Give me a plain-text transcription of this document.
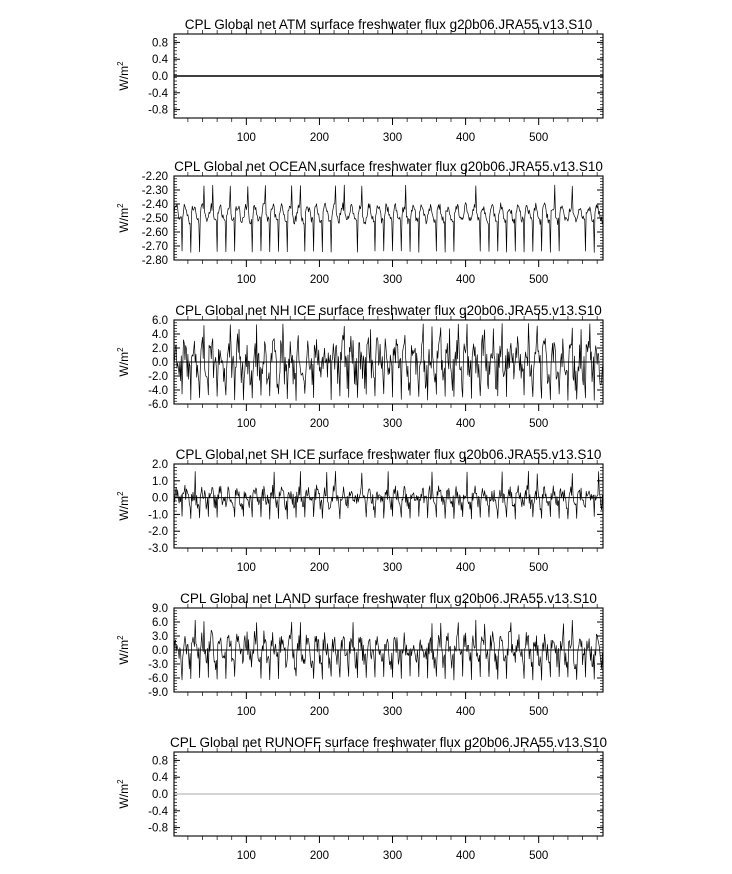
CPL Global net ATM surface freshwater flux g20b06.JRA55.v13.S10
$W/m^2$
0.8
0.4
0.0
-0.4
-0.8
100	200	300	400	500
CPL Global net OCEAN surface freshwater flux g20b06.JRA55.v13.S10
$W/m^2$
-2.20
-2.30
-2.40
-2.50
-2.60
-2.70
-2.80
100	200	300	400	500
CPL Global net NH ICE surface freshwater flux g20b06.JRA55.v13.S10
$W/m^2$
6.0
4.0
2.0
0.0
-2.0
-4.0
-6.0
100	200	300	400	500
CPL Global net SH ICE surface freshwater flux g20b06.JRA55.v13.S10
$W/m^2$
2.0
1.0
0.0
-1.0
-2.0
-3.0
100	200	300	400	500
CPL Global net LAND surface freshwater flux g20b06.JRA55.v13.S10
$W/m^2$
9.0
6.0
3.0
0.0
-3.0
-6.0
-9.0
100	200	300	400	500
CPL Global net RUNOFF surface freshwater flux g20b06.JRA55.v13.S10
$W/m^2$
0.8
0.4
0.0
-0.4
-0.8
100	200	300	400	500
